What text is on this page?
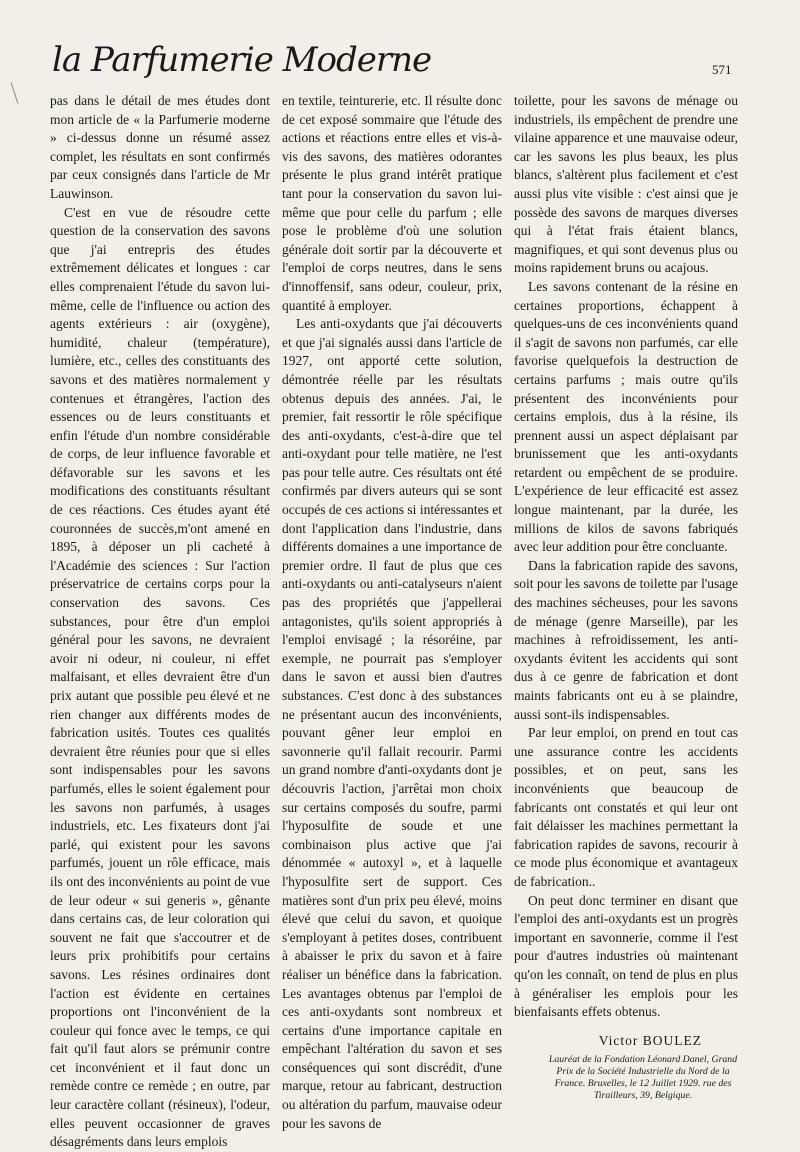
la Parfumerie Moderne	571

pas dans le détail de mes études dont mon article de « la Parfumerie moderne » ci-dessus donne un résumé assez complet, les résultats en sont confirmés par ceux consignés dans l'article de Mr Lauwinson.

C'est en vue de résoudre cette question de la conservation des savons que j'ai entrepris des études extrêmement délicates et longues : car elles comprenaient l'étude du savon lui-même, celle de l'influence ou action des agents extérieurs : air (oxygène), humidité, chaleur (température), lumière, etc., celles des constituants des savons et des matières normalement y contenues et étrangères, l'action des essences ou de leurs constituants et enfin l'étude d'un nombre considérable de corps, de leur influence favorable et défavorable sur les savons et les modifications des constituants résultant de ces réactions. Ces études ayant été couronnées de succès,m'ont amené en 1895, à déposer un pli cacheté à l'Académie des sciences : Sur l'action préservatrice de certains corps pour la conservation des savons. Ces substances, pour être d'un emploi général pour les savons, ne devraient avoir ni odeur, ni couleur, ni effet malfaisant, et elles devraient être d'un prix autant que possible peu élevé et ne rien changer aux différents modes de fabrication usités. Toutes ces qualités devraient être réunies pour que si elles sont indispensables pour les savons parfumés, elles le soient également pour les savons non parfumés, à usages industriels, etc. Les fixateurs dont j'ai parlé, qui existent pour les savons parfumés, jouent un rôle efficace, mais ils ont des inconvénients au point de vue de leur odeur « sui generis », gênante dans certains cas, de leur coloration qui souvent ne fait que s'accoutrer et de leurs prix prohibitifs pour certains savons. Les résines ordinaires dont l'action est évidente en certaines proportions ont l'inconvénient de la couleur qui fonce avec le temps, ce qui fait qu'il faut alors se prémunir contre cet inconvénient et il faut donc un remède contre ce remède ; en outre, par leur caractère collant (résineux), l'odeur, elles peuvent occasionner de graves désagréments dans leurs emplois

en textile, teinturerie, etc. Il résulte donc de cet exposé sommaire que l'étude des actions et réactions entre elles et vis-à-vis des savons, des matières odorantes présente le plus grand intérêt pratique tant pour la conservation du savon lui-même que pour celle du parfum ; elle pose le problème d'où une solution générale doit sortir par la découverte et l'emploi de corps neutres, dans le sens d'innoffensif, sans odeur, couleur, prix, quantité à employer.

Les anti-oxydants que j'ai découverts et que j'ai signalés aussi dans l'article de 1927, ont apporté cette solution, démontrée réelle par les résultats obtenus depuis des années. J'ai, le premier, fait ressortir le rôle spécifique des anti-oxydants, c'est-à-dire que tel anti-oxydant pour telle matière, ne l'est pas pour telle autre. Ces résultats ont été confirmés par divers auteurs qui se sont occupés de ces actions si intéressantes et dont l'application dans l'industrie, dans différents domaines a une importance de premier ordre. Il faut de plus que ces anti-oxydants ou anti-catalyseurs n'aient pas des propriétés que j'appellerai antagonistes, qu'ils soient appropriés à l'emploi envisagé ; la résoréine, par exemple, ne pourrait pas s'employer dans le savon et aussi bien d'autres substances. C'est donc à des substances ne présentant aucun des inconvénients, pouvant gêner leur emploi en savonnerie qu'il fallait recourir. Parmi un grand nombre d'anti-oxydants dont je découvris l'action, j'arrêtai mon choix sur certains composés du soufre, parmi l'hyposulfite de soude et une combinaison plus active que j'ai dénommée « autoxyl », et à laquelle l'hyposulfite sert de support. Ces matières sont d'un prix peu élevé, moins élevé que celui du savon, et quoique s'employant à petites doses, contribuent à abaisser le prix du savon et à faire réaliser un bénéfice dans la fabrication. Les avantages obtenus par l'emploi de ces anti-oxydants sont nombreux et certains d'une importance capitale en empêchant l'altération du savon et ses conséquences qui sont discrédit, d'une marque, retour au fabricant, destruction ou altération du parfum, mauvaise odeur pour les savons de

toilette, pour les savons de ménage ou industriels, ils empêchent de prendre une vilaine apparence et une mauvaise odeur, car les savons les plus beaux, les plus blancs, s'altèrent plus facilement et c'est aussi plus vite visible : c'est ainsi que je possède des savons de marques diverses qui à l'état frais étaient blancs, magnifiques, et qui sont devenus plus ou moins rapidement bruns ou acajous.

Les savons contenant de la résine en certaines proportions, échappent à quelques-uns de ces inconvénients quand il s'agit de savons non parfumés, car elle favorise quelquefois la destruction de certains parfums ; mais outre qu'ils présentent des inconvénients pour certains emplois, dus à la résine, ils prennent aussi un aspect déplaisant par brunissement que les anti-oxydants retardent ou empêchent de se produire. L'expérience de leur efficacité est assez longue maintenant, par la durée, les millions de kilos de savons fabriqués avec leur addition pour être concluante.

Dans la fabrication rapide des savons, soit pour les savons de toilette par l'usage des machines sécheuses, pour les savons de ménage (genre Marseille), par les machines à refroidissement, les anti-oxydants évitent les accidents qui sont dus à ce genre de fabrication et dont maints fabricants ont eu à se plaindre, aussi sont-ils indispensables.

Par leur emploi, on prend en tout cas une assurance contre les accidents possibles, et on peut, sans les inconvénients que beaucoup de fabricants ont constatés et qui leur ont fait délaisser les machines permettant la fabrication rapides de savons, recourir à ce mode plus économique et avantageux de fabrication..

On peut donc terminer en disant que l'emploi des anti-oxydants est un progrès important en savonnerie, comme il l'est pour d'autres industries où maintenant qu'on les connaît, on tend de plus en plus à généraliser les emplois pour les bienfaisants effets obtenus.

Victor BOULEZ
Lauréat de la Fondation Léonard Danel, Grand Prix de la Société Industrielle du Nord de la France. Bruxelles, le 12 Juillet 1929. rue des Tirailleurs, 39, Belgique.
